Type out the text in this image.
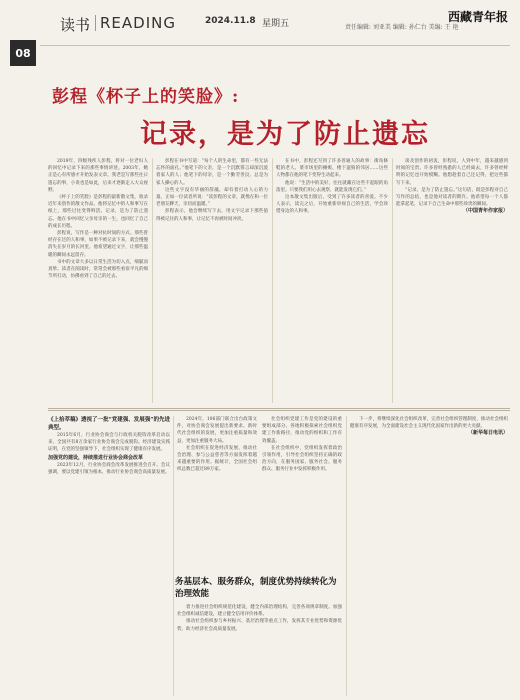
读书 READING	2024.11.8 星期五	西藏青年报
责任编辑: 刘亚美 编辑: 孙仁台 美编: 王 艳
08
彭程《杯子上的笑脸》:
记录，是为了防止遗忘

2019年，四级残疾人彭程，将对一位老妇人的回忆中记录下来的那些事情讲述。2003年，她正是心有所感才开始发表文章。我老是写那些往日遗忘的事，小说也是如此，后来才逐渐走入大众视野。

《杯子上的笑脸》是彭程的最新散文集，收录近年来创作的散文作品。他将记忆中的人和事写在纸上，那些过往变得鲜活。记录，是为了防止遗忘。他在书中回忆父亲母亲的一生，也回忆了自己的成长历程。

彭程说，写作是一种对抗时间的方式。那些曾经存在过的人和事，如果不被记录下来，就会慢慢消失在岁月的长河里。他希望通过文字，让那些温暖的瞬间永远留存。

书中的文章大多以日常生活为切入点，细腻而真挚。读者在阅读时，常常会被那些看似平凡的细节所打动，仿佛看到了自己的过去。

彭程在书中写道：“每个人的生命里，都有一些无法忘怀的面孔。”他笔下的父亲，是一个沉默寡言却深沉爱着家人的人；他笔下的母亲，是一个勤劳善良、总是为家人操心的人。

这些文字没有华丽的辞藻，却有着打动人心的力量。正如一位读者所说：“读彭程的文章，就像在和一位老朋友聊天，亲切而温暖。”

彭程表示，他会继续写下去，用文字记录下那些值得被记住的人和事，让记忆不再被时间冲淡。

在书中，彭程还写到了许多普通人的故事：街角修鞋的老人、菜市场里的摊贩、楼下遛狗的邻居……这些人物都在他的笔下变得生动起来。

他说：“生活中的美好，往往就藏在这些不起眼的角落里。只要我们用心去观察，就能发现它们。”

这本散文集出版后，受到了许多读者的喜爱。不少人表示，读完之后，开始重新审视自己的生活，学会珍惜身边的人和事。

谈及创作的初衷，彭程说，人到中年，越来越感到时间的宝贵。许多曾经熟悉的人已经离去，许多曾经鲜明的记忆也开始模糊。他想趁着自己还记得，把这些都写下来。

“记录，是为了防止遗忘。”这句话，既是彭程对自己写作的总结，也是他对读者的期许。他希望每一个人都能拿起笔，记录下自己生命中那些珍贵的瞬间。

（中国青年作家报）
《上拾萃稿》透视了一批“党建强、发展强”的先进典型。

2015年6月，行业协会商会与行政机关脱钩改革启动以来，全国共有8万余家行业协会商会完成脱钩。经济建设实践证明，在党的坚强领导下，社会组织实现了健康有序发展。

加强党的建设，持续推进行业协会商会改革

2023年12月，行业协会商会改革发展推进会召开。会议强调，要以党建引领为根本，推动行业协会商会高质量发展。

2024年，106部门联合出台政策文件，对协会商会发展提出新要求。新时代社会组织的发展，更加注重质量和效益，更加注重服务大局。

社会组织在促进经济发展、推动社会治理、参与公益慈善等方面发挥着越来越重要的作用。据统计，全国社会组织总数已超过89万家。

社会组织党建工作是党的建设的重要组成部分。各地积极探索社会组织党建工作新路径，推动党的组织和工作有效覆盖。

在社会组织中，党组织发挥着政治引领作用，引导社会组织坚持正确的政治方向，在服务国家、服务社会、服务群众、服务行业中发挥积极作用。

务基层本、服务群众，制度优势持续转化为治理效能

着力推进社会组织规范化建设，健全内部治理结构，完善各项规章制度。加强社会组织诚信建设，建立健全信用评价体系。

推动社会组织参与乡村振兴、基层治理等重点工作，发挥其专业优势和资源优势，助力经济社会高质量发展。

下一步，将继续深化社会组织改革，完善社会组织管理制度，推动社会组织健康有序发展，为全面建设社会主义现代化国家作出新的更大贡献。

（新华每日电讯）
